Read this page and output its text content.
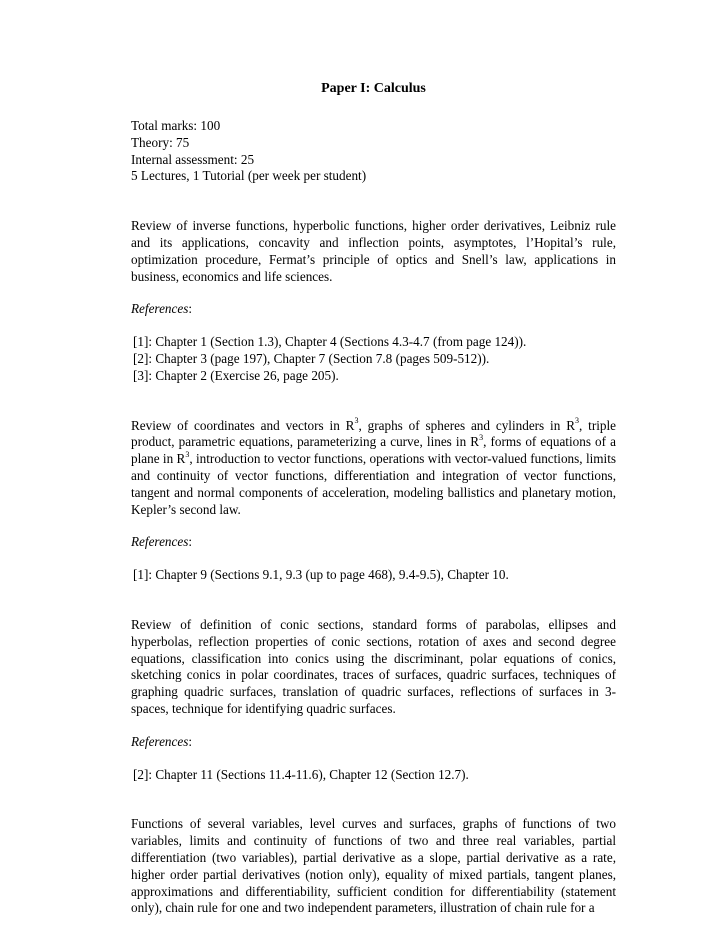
Paper I: Calculus
Total marks: 100
Theory: 75
Internal assessment: 25
5 Lectures, 1 Tutorial (per week per student)

Review of inverse functions, hyperbolic functions, higher order derivatives, Leibniz rule and its applications, concavity and inflection points, asymptotes, l’Hopital’s rule, optimization procedure, Fermat’s principle of optics and Snell’s law, applications in business, economics and life sciences.

References:

[1]: Chapter 1 (Section 1.3), Chapter 4 (Sections 4.3-4.7 (from page 124)).
[2]: Chapter 3 (page 197), Chapter 7 (Section 7.8 (pages 509-512)).
[3]: Chapter 2 (Exercise 26, page 205).

Review of coordinates and vectors in $R^3$, graphs of spheres and cylinders in $R^3$, triple product, parametric equations, parameterizing a curve, lines in $R^3$, forms of equations of a plane in $R^3$, introduction to vector functions, operations with vector-valued functions, limits and continuity of vector functions, differentiation and integration of vector functions, tangent and normal components of acceleration, modeling ballistics and planetary motion, Kepler’s second law.

References:

[1]: Chapter 9 (Sections 9.1, 9.3 (up to page 468), 9.4-9.5), Chapter 10.

Review of definition of conic sections, standard forms of parabolas, ellipses and hyperbolas, reflection properties of conic sections, rotation of axes and second degree equations, classification into conics using the discriminant, polar equations of conics, sketching conics in polar coordinates, traces of surfaces, quadric surfaces, techniques of graphing quadric surfaces, translation of quadric surfaces, reflections of surfaces in 3-spaces, technique for identifying quadric surfaces.

References:

[2]: Chapter 11 (Sections 11.4-11.6), Chapter 12 (Section 12.7).

Functions of several variables, level curves and surfaces, graphs of functions of two variables, limits and continuity of functions of two and three real variables, partial differentiation (two variables), partial derivative as a slope, partial derivative as a rate, higher order partial derivatives (notion only), equality of mixed partials, tangent planes, approximations and differentiability, sufficient condition for differentiability (statement only), chain rule for one and two independent parameters, illustration of chain rule for a
